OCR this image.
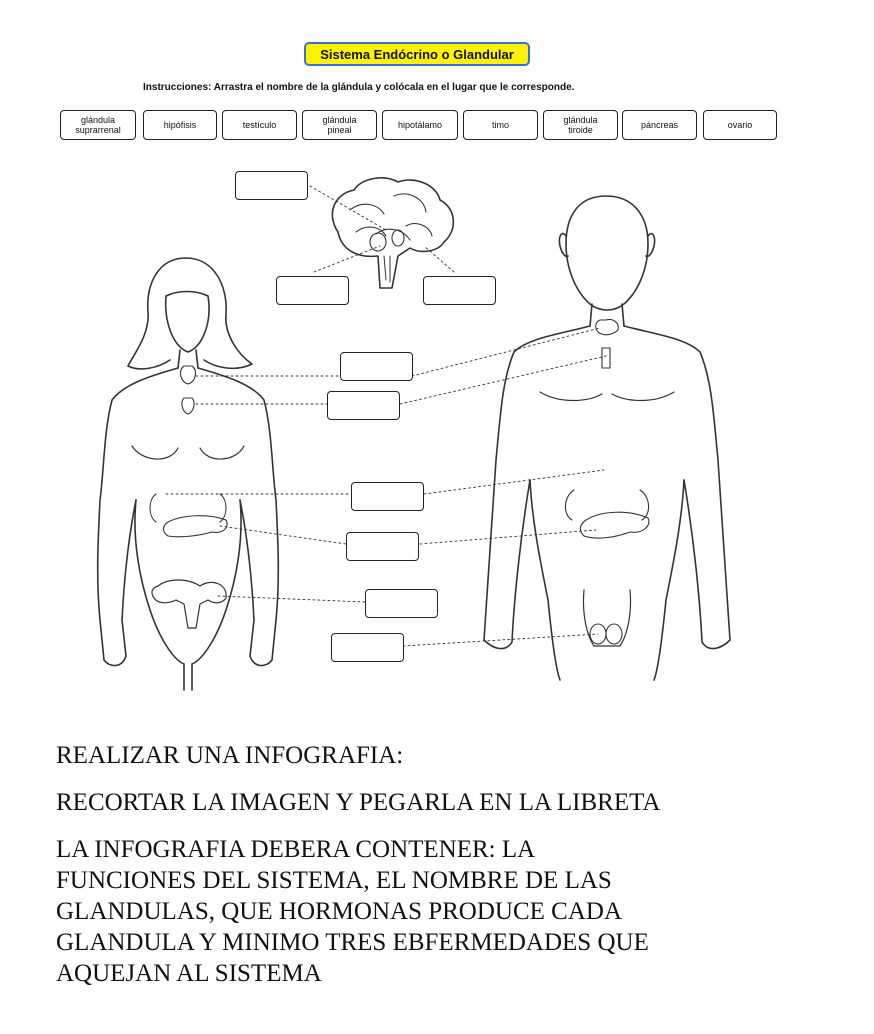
Sistema Endócrino o Glandular
Instrucciones: Arrastra el nombre de la glándula y colócala en el lugar que le corresponde.
glándula
suprarrenal	hipófisis	testículo	glándula
pineal	hipotálamo	timo	glándula
tiroide	páncreas	ovario
REALIZAR UNA INFOGRAFIA:
RECORTAR LA IMAGEN Y PEGARLA EN LA LIBRETA
LA INFOGRAFIA DEBERA CONTENER: LA
FUNCIONES DEL SISTEMA, EL NOMBRE DE LAS
GLANDULAS, QUE HORMONAS PRODUCE CADA
GLANDULA Y MINIMO TRES EBFERMEDADES QUE
AQUEJAN AL SISTEMA
